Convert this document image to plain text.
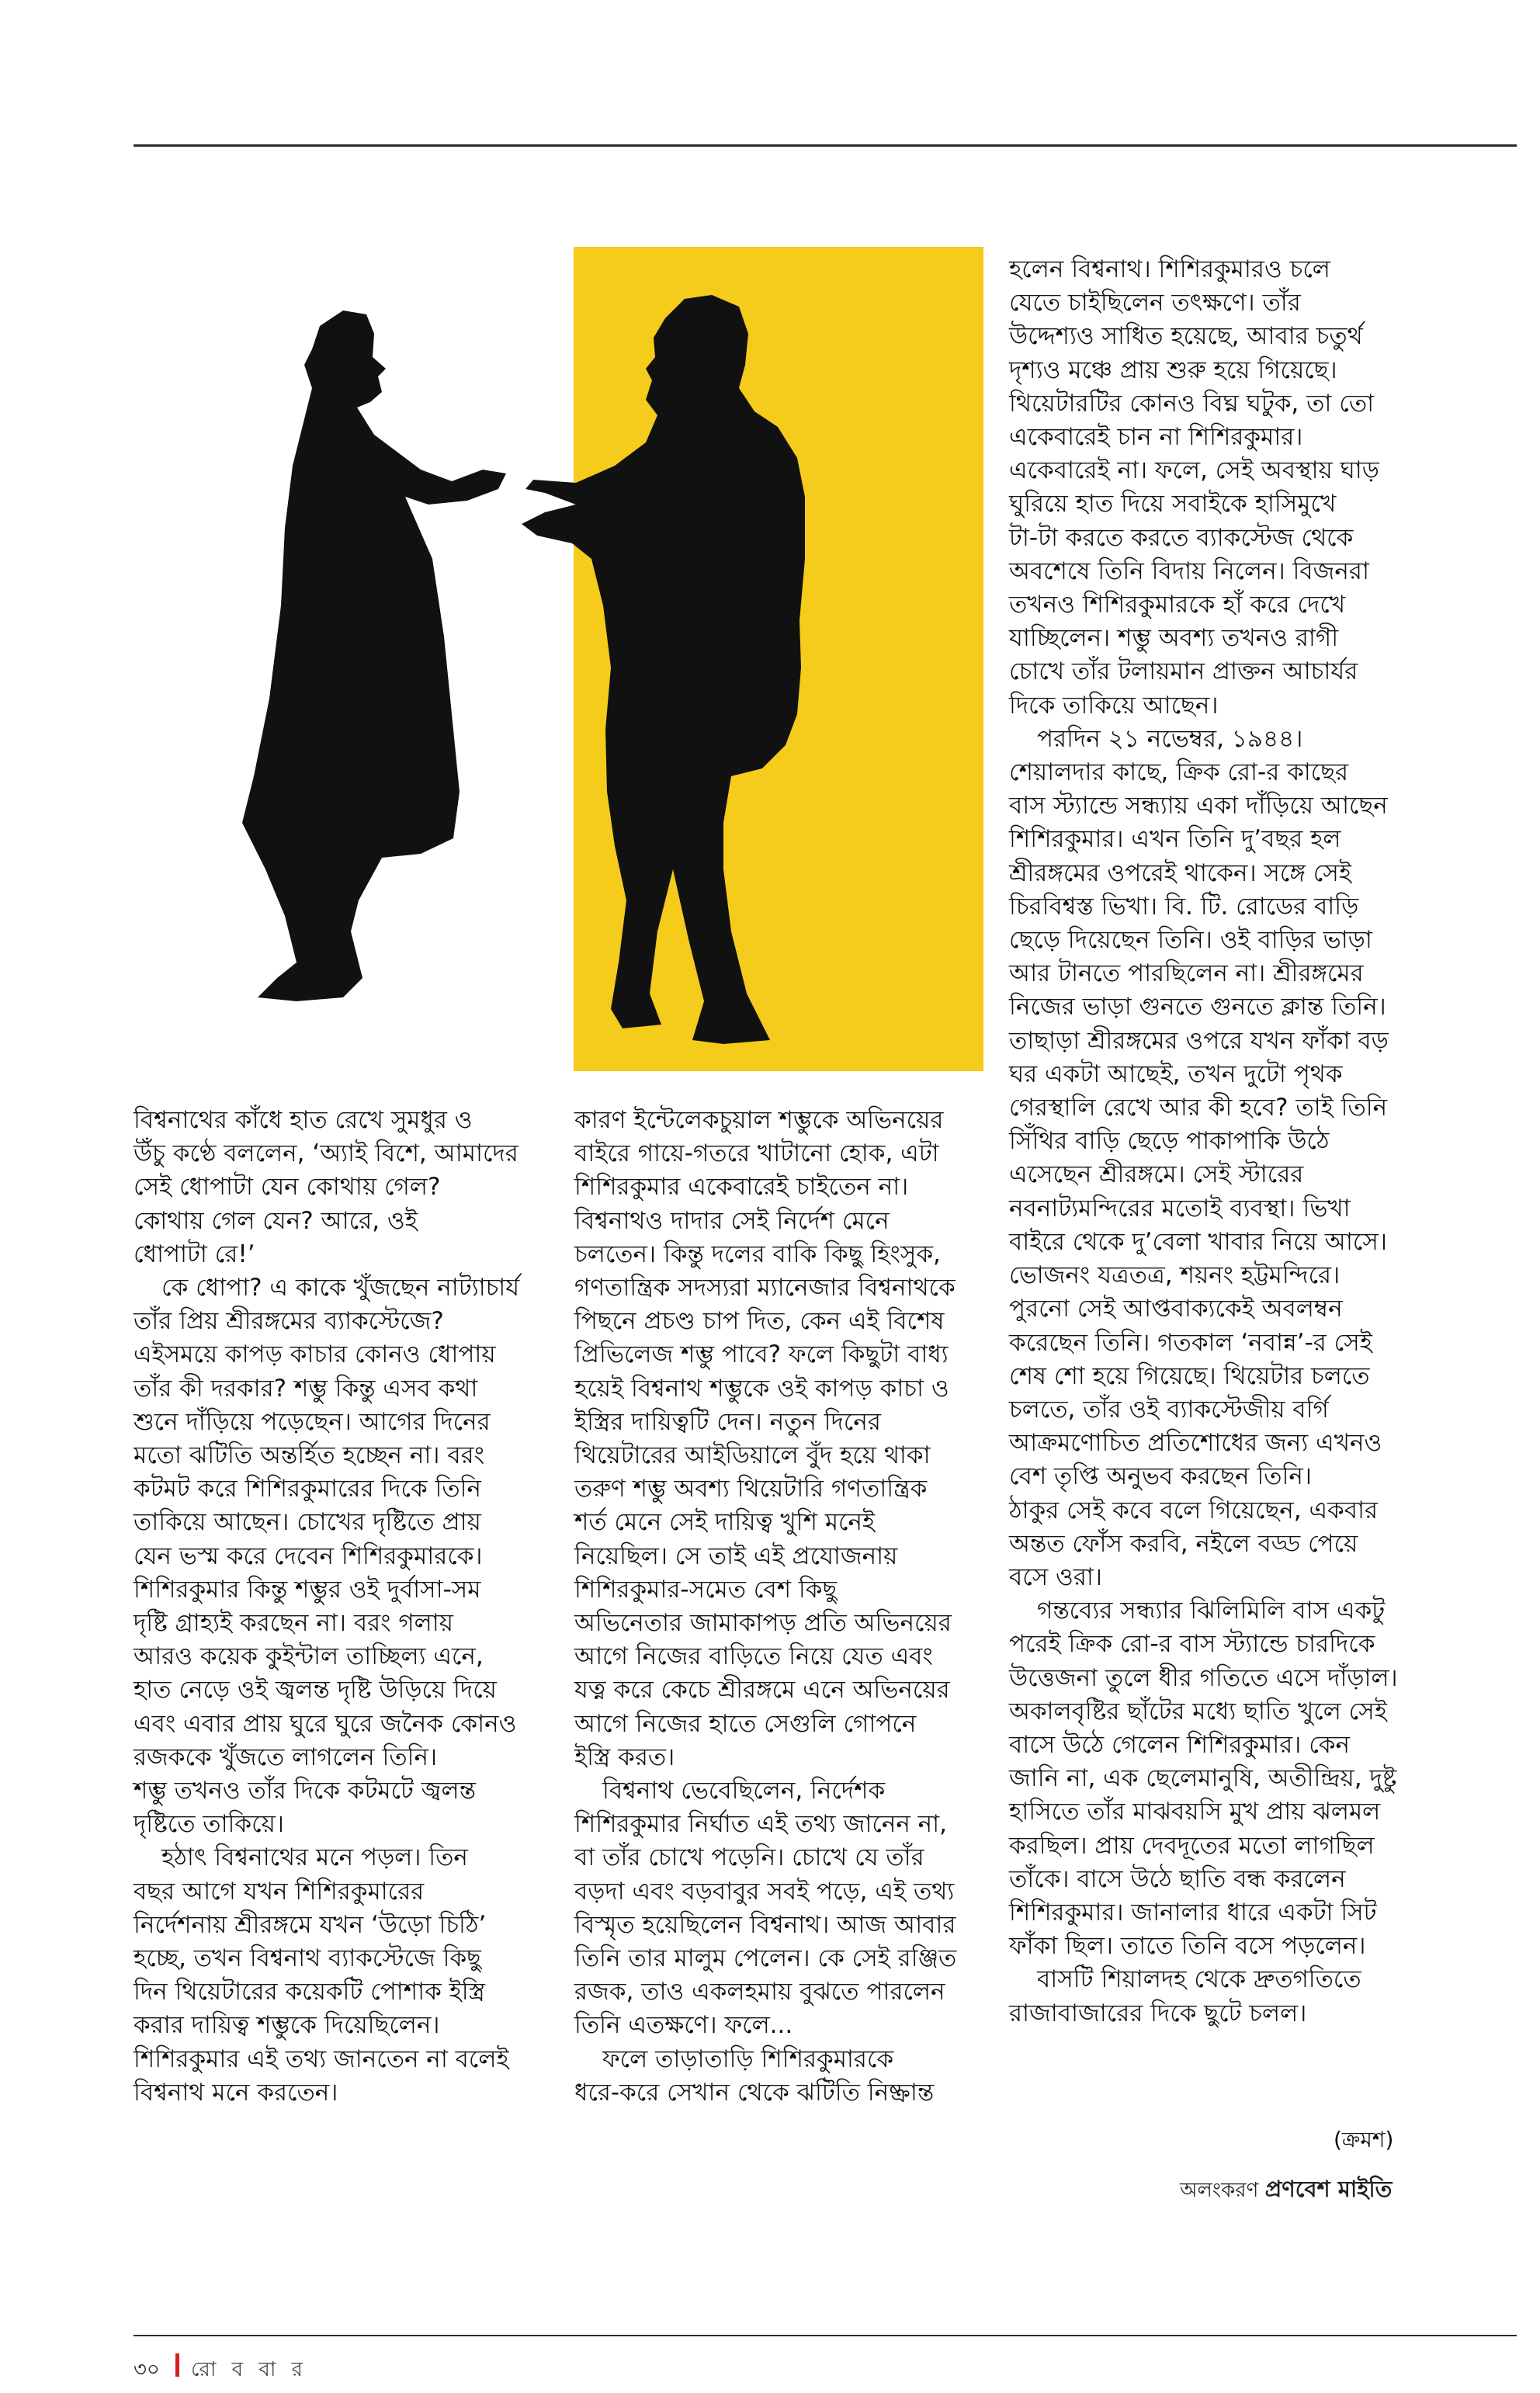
বিশ্বনাথের কাঁধে হাত রেখে সুমধুর ও
উঁচু কণ্ঠে বললেন, ‘অ্যাই বিশে, আমাদের
সেই ধোপাটা যেন কোথায় গেল?
কোথায় গেল যেন? আরে, ওই
ধোপাটা রে!’

কে ধোপা? এ কাকে খুঁজছেন নাট্যাচার্য
তাঁর প্রিয় শ্রীরঙ্গমের ব্যাকস্টেজে?
এইসময়ে কাপড় কাচার কোনও ধোপায়
তাঁর কী দরকার? শম্ভু কিন্তু এসব কথা
শুনে দাঁড়িয়ে পড়েছেন। আগের দিনের
মতো ঝটিতি অন্তর্হিত হচ্ছেন না। বরং
কটমট করে শিশিরকুমারের দিকে তিনি
তাকিয়ে আছেন। চোখের দৃষ্টিতে প্রায়
যেন ভস্ম করে দেবেন শিশিরকুমারকে।
শিশিরকুমার কিন্তু শম্ভুর ওই দুর্বাসা-সম
দৃষ্টি গ্রাহ্যই করছেন না। বরং গলায়
আরও কয়েক কুইন্টাল তাচ্ছিল্য এনে,
হাত নেড়ে ওই জ্বলন্ত দৃষ্টি উড়িয়ে দিয়ে
এবং এবার প্রায় ঘুরে ঘুরে জনৈক কোনও
রজককে খুঁজতে লাগলেন তিনি।
শম্ভু তখনও তাঁর দিকে কটমটে জ্বলন্ত
দৃষ্টিতে তাকিয়ে।

হঠাৎ বিশ্বনাথের মনে পড়ল। তিন
বছর আগে যখন শিশিরকুমারের
নির্দেশনায় শ্রীরঙ্গমে যখন ‘উড়ো চিঠি’
হচ্ছে, তখন বিশ্বনাথ ব্যাকস্টেজে কিছু
দিন থিয়েটারের কয়েকটি পোশাক ইস্ত্রি
করার দায়িত্ব শম্ভুকে দিয়েছিলেন।
শিশিরকুমার এই তথ্য জানতেন না বলেই
বিশ্বনাথ মনে করতেন।

কারণ ইন্টেলেকচুয়াল শম্ভুকে অভিনয়ের
বাইরে গায়ে-গতরে খাটানো হোক, এটা
শিশিরকুমার একেবারেই চাইতেন না।
বিশ্বনাথও দাদার সেই নির্দেশ মেনে
চলতেন। কিন্তু দলের বাকি কিছু হিংসুক,
গণতান্ত্রিক সদস্যরা ম্যানেজার বিশ্বনাথকে
পিছনে প্রচণ্ড চাপ দিত, কেন এই বিশেষ
প্রিভিলেজ শম্ভু পাবে? ফলে কিছুটা বাধ্য
হয়েই বিশ্বনাথ শম্ভুকে ওই কাপড় কাচা ও
ইস্ত্রির দায়িত্বটি দেন। নতুন দিনের
থিয়েটারের আইডিয়ালে বুঁদ হয়ে থাকা
তরুণ শম্ভু অবশ্য থিয়েটারি গণতান্ত্রিক
শর্ত মেনে সেই দায়িত্ব খুশি মনেই
নিয়েছিল। সে তাই এই প্রযোজনায়
শিশিরকুমার-সমেত বেশ কিছু
অভিনেতার জামাকাপড় প্রতি অভিনয়ের
আগে নিজের বাড়িতে নিয়ে যেত এবং
যত্ন করে কেচে শ্রীরঙ্গমে এনে অভিনয়ের
আগে নিজের হাতে সেগুলি গোপনে
ইস্ত্রি করত।

বিশ্বনাথ ভেবেছিলেন, নির্দেশক
শিশিরকুমার নির্ঘাত এই তথ্য জানেন না,
বা তাঁর চোখে পড়েনি। চোখে যে তাঁর
বড়দা এবং বড়বাবুর সবই পড়ে, এই তথ্য
বিস্মৃত হয়েছিলেন বিশ্বনাথ। আজ আবার
তিনি তার মালুম পেলেন। কে সেই রঞ্জিত
রজক, তাও একলহমায় বুঝতে পারলেন
তিনি এতক্ষণে। ফলে...

ফলে তাড়াতাড়ি শিশিরকুমারকে
ধরে-করে সেখান থেকে ঝটিতি নিষ্ক্রান্ত

হলেন বিশ্বনাথ। শিশিরকুমারও চলে
যেতে চাইছিলেন তৎক্ষণে। তাঁর
উদ্দেশ্যও সাধিত হয়েছে, আবার চতুর্থ
দৃশ্যও মঞ্চে প্রায় শুরু হয়ে গিয়েছে।
থিয়েটারটির কোনও বিঘ্ন ঘটুক, তা তো
একেবারেই চান না শিশিরকুমার।
একেবারেই না। ফলে, সেই অবস্থায় ঘাড়
ঘুরিয়ে হাত দিয়ে সবাইকে হাসিমুখে
টা-টা করতে করতে ব্যাকস্টেজ থেকে
অবশেষে তিনি বিদায় নিলেন। বিজনরা
তখনও শিশিরকুমারকে হাঁ করে দেখে
যাচ্ছিলেন। শম্ভু অবশ্য তখনও রাগী
চোখে তাঁর টলায়মান প্রাক্তন আচার্যর
দিকে তাকিয়ে আছেন।

পরদিন ২১ নভেম্বর, ১৯৪৪।
শেয়ালদার কাছে, ক্রিক রো-র কাছের
বাস স্ট্যান্ডে সন্ধ্যায় একা দাঁড়িয়ে আছেন
শিশিরকুমার। এখন তিনি দু’বছর হল
শ্রীরঙ্গমের ওপরেই থাকেন। সঙ্গে সেই
চিরবিশ্বস্ত ভিখা। বি. টি. রোডের বাড়ি
ছেড়ে দিয়েছেন তিনি। ওই বাড়ির ভাড়া
আর টানতে পারছিলেন না। শ্রীরঙ্গমের
নিজের ভাড়া গুনতে গুনতে ক্লান্ত তিনি।
তাছাড়া শ্রীরঙ্গমের ওপরে যখন ফাঁকা বড়
ঘর একটা আছেই, তখন দুটো পৃথক
গেরস্থালি রেখে আর কী হবে? তাই তিনি
সিঁথির বাড়ি ছেড়ে পাকাপাকি উঠে
এসেছেন শ্রীরঙ্গমে। সেই স্টারের
নবনাট্যমন্দিরের মতোই ব্যবস্থা। ভিখা
বাইরে থেকে দু’বেলা খাবার নিয়ে আসে।
ভোজনং যত্রতত্র, শয়নং হট্টমন্দিরে।
পুরনো সেই আপ্তবাক্যকেই অবলম্বন
করেছেন তিনি। গতকাল ‘নবান্ন’-র সেই
শেষ শো হয়ে গিয়েছে। থিয়েটার চলতে
চলতে, তাঁর ওই ব্যাকস্টেজীয় বর্গি
আক্রমণোচিত প্রতিশোধের জন্য এখনও
বেশ তৃপ্তি অনুভব করছেন তিনি।
ঠাকুর সেই কবে বলে গিয়েছেন, একবার
অন্তত ফোঁস করবি, নইলে বড্ড পেয়ে
বসে ওরা।

গন্তব্যের সন্ধ্যার ঝিলিমিলি বাস একটু
পরেই ক্রিক রো-র বাস স্ট্যান্ডে চারদিকে
উত্তেজনা তুলে ধীর গতিতে এসে দাঁড়াল।
অকালবৃষ্টির ছাঁটের মধ্যে ছাতি খুলে সেই
বাসে উঠে গেলেন শিশিরকুমার। কেন
জানি না, এক ছেলেমানুষি, অতীন্দ্রিয়, দুষ্টু
হাসিতে তাঁর মাঝবয়সি মুখ প্রায় ঝলমল
করছিল। প্রায় দেবদূতের মতো লাগছিল
তাঁকে। বাসে উঠে ছাতি বন্ধ করলেন
শিশিরকুমার। জানালার ধারে একটা সিট
ফাঁকা ছিল। তাতে তিনি বসে পড়লেন।

বাসটি শিয়ালদহ থেকে দ্রুতগতিতে
রাজাবাজারের দিকে ছুটে চলল।

(ক্রমশ)
অলংকরণ প্রণবেশ মাইতি
৩০ রো ব বা র
